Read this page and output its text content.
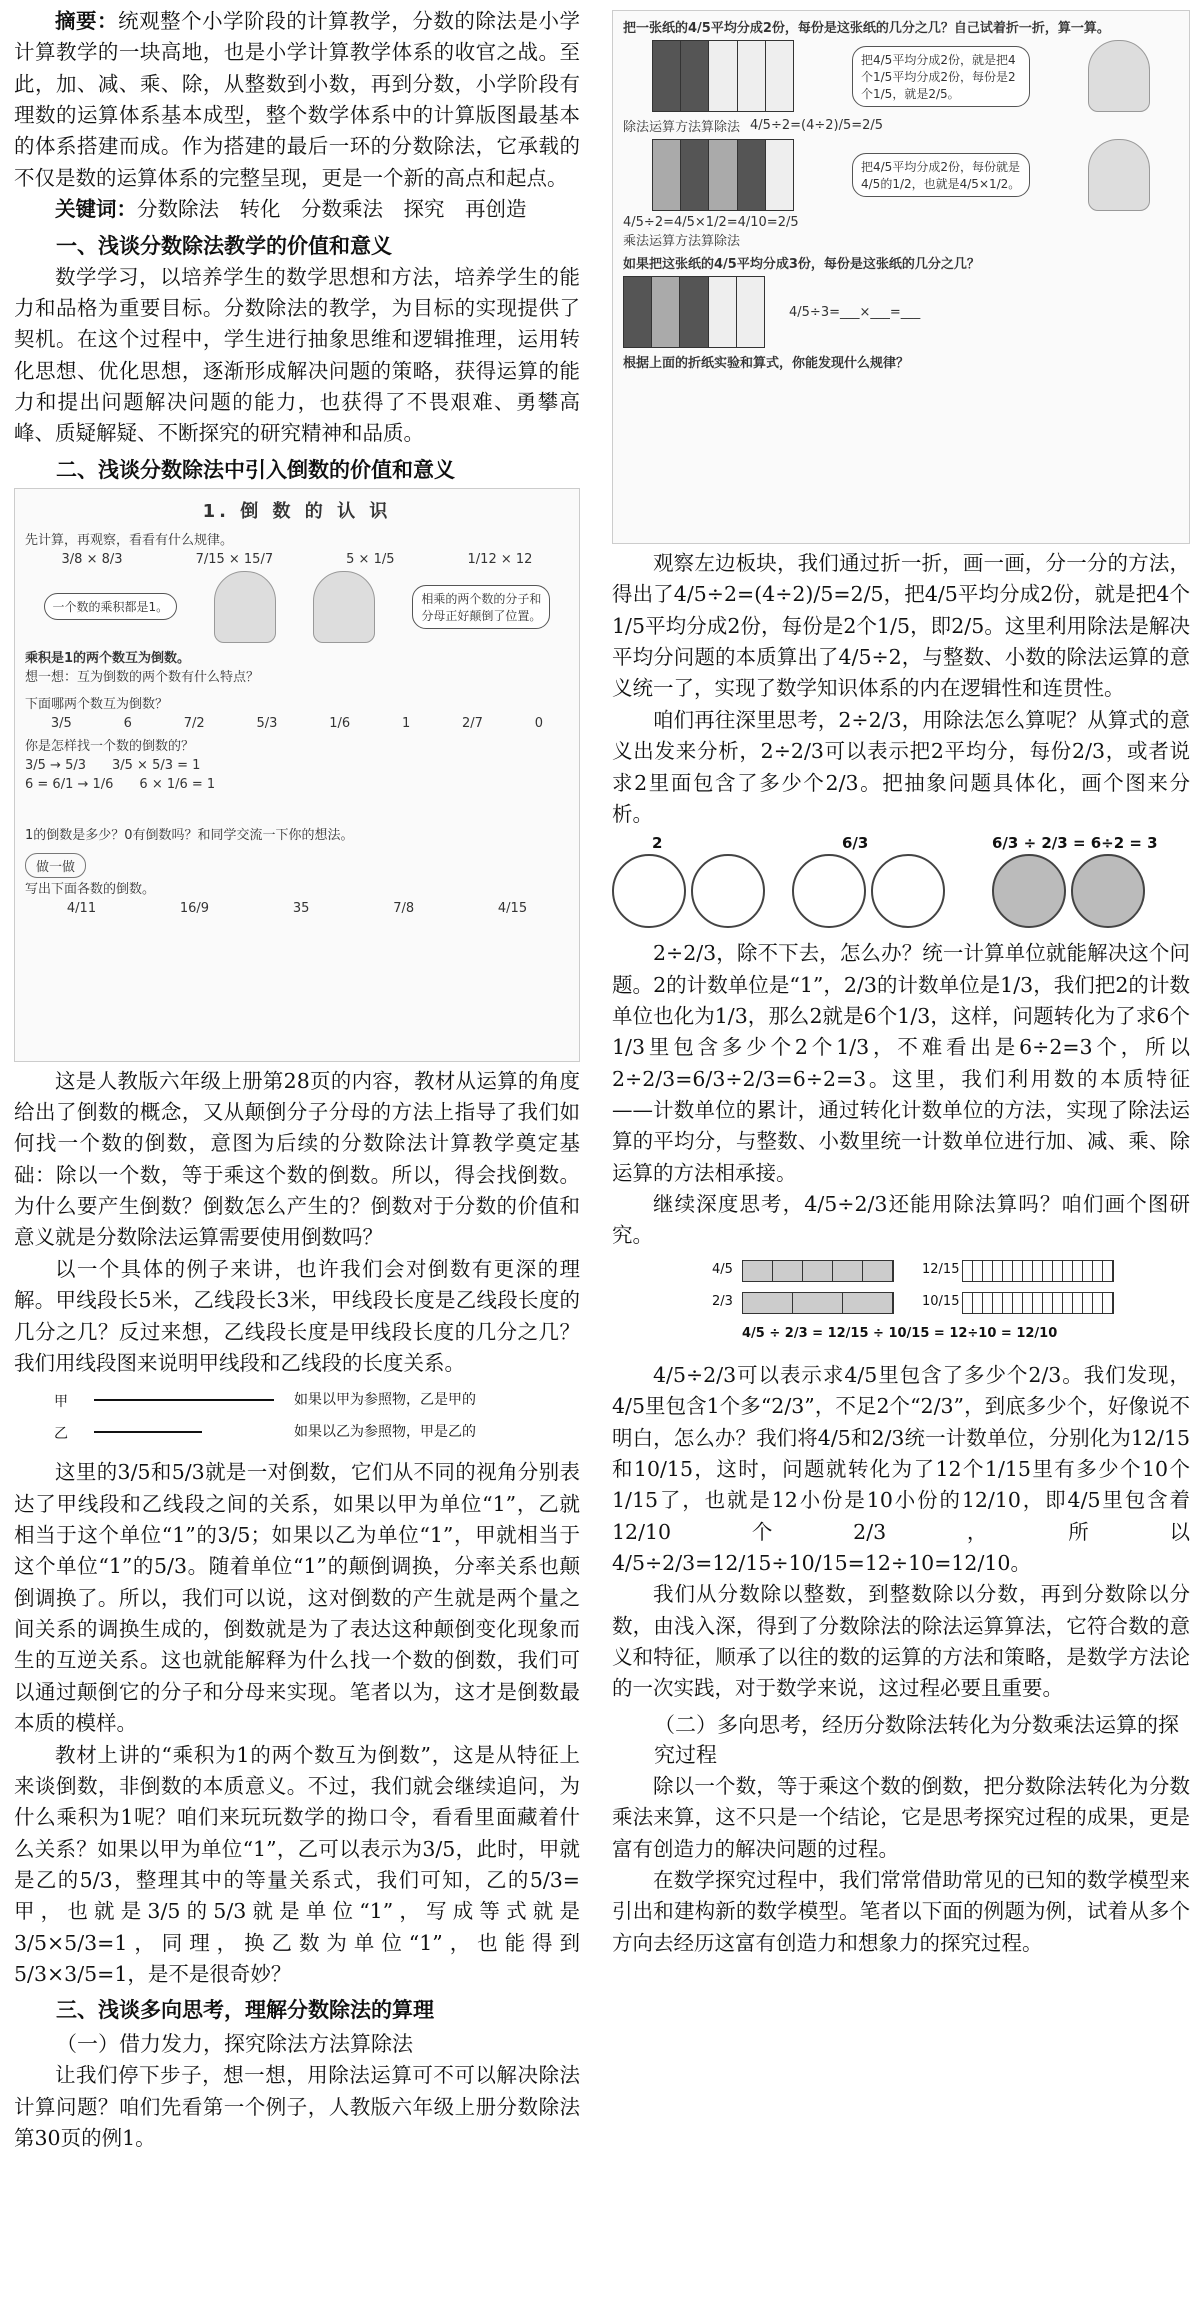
摘要：统观整个小学阶段的计算教学，分数的除法是小学计算教学的一块高地，也是小学计算教学体系的收官之战。至此，加、减、乘、除，从整数到小数，再到分数，小学阶段有理数的运算体系基本成型，整个数学体系中的计算版图最基本的体系搭建而成。作为搭建的最后一环的分数除法，它承载的不仅是数的运算体系的完整呈现，更是一个新的高点和起点。

关键词：分数除法　转化　分数乘法　探究　再创造

一、浅谈分数除法教学的价值和意义

数学学习，以培养学生的数学思想和方法，培养学生的能力和品格为重要目标。分数除法的教学，为目标的实现提供了契机。在这个过程中，学生进行抽象思维和逻辑推理，运用转化思想、优化思想，逐渐形成解决问题的策略，获得运算的能力和提出问题解决问题的能力，也获得了不畏艰难、勇攀高峰、质疑解疑、不断探究的研究精神和品质。

二、浅谈分数除法中引入倒数的价值和意义
1. 倒 数 的 认 识
先计算，再观察，看看有什么规律。
3/8 × 8/3	7/15 × 15/7	5 × 1/5	1/12 × 12
一个数的乘积都是1。
相乘的两个数的分子和分母正好颠倒了位置。
乘积是1的两个数互为倒数。
想一想：互为倒数的两个数有什么特点？
下面哪两个数互为倒数？
3/5	6	7/2	5/3	1/6	1	2/7	0
你是怎样找一个数的倒数的？
3/5 → 5/3　　3/5 × 5/3 = 1
6 = 6/1 → 1/6　　6 × 1/6 = 1
1的倒数是多少？0有倒数吗？和同学交流一下你的想法。
做一做
写出下面各数的倒数。
4/11	16/9	35	7/8	4/15

这是人教版六年级上册第28页的内容，教材从运算的角度给出了倒数的概念，又从颠倒分子分母的方法上指导了我们如何找一个数的倒数，意图为后续的分数除法计算教学奠定基础：除以一个数，等于乘这个数的倒数。所以，得会找倒数。为什么要产生倒数？倒数怎么产生的？倒数对于分数的价值和意义就是分数除法运算需要使用倒数吗？

以一个具体的例子来讲，也许我们会对倒数有更深的理解。甲线段长5米，乙线段长3米，甲线段长度是乙线段长度的几分之几？反过来想，乙线段长度是甲线段长度的几分之几？我们用线段图来说明甲线段和乙线段的长度关系。

甲	如果以甲为参照物，乙是甲的
乙	如果以乙为参照物，甲是乙的

这里的3/5和5/3就是一对倒数，它们从不同的视角分别表达了甲线段和乙线段之间的关系，如果以甲为单位“1”，乙就相当于这个单位“1”的3/5；如果以乙为单位“1”，甲就相当于这个单位“1”的5/3。随着单位“1”的颠倒调换，分率关系也颠倒调换了。所以，我们可以说，这对倒数的产生就是两个量之间关系的调换生成的，倒数就是为了表达这种颠倒变化现象而生的互逆关系。这也就能解释为什么找一个数的倒数，我们可以通过颠倒它的分子和分母来实现。笔者以为，这才是倒数最本质的模样。

教材上讲的“乘积为1的两个数互为倒数”，这是从特征上来谈倒数，非倒数的本质意义。不过，我们就会继续追问，为什么乘积为1呢？咱们来玩玩数学的拗口令，看看里面藏着什么关系？如果以甲为单位“1”，乙可以表示为3/5，此时，甲就是乙的5/3，整理其中的等量关系式，我们可知，乙的5/3=甲，也就是3/5的5/3就是单位“1”，写成等式就是3/5×5/3=1，同理，换乙数为单位“1”，也能得到5/3×3/5=1，是不是很奇妙？

三、浅谈多向思考，理解分数除法的算理
（一）借力发力，探究除法方法算除法

让我们停下步子，想一想，用除法运算可不可以解决除法计算问题？咱们先看第一个例子，人教版六年级上册分数除法第30页的例1。

把一张纸的4/5平均分成2份，每份是这张纸的几分之几？自己试着折一折，算一算。
把4/5平均分成2份，就是把4个1/5平均分成2份，每份是2个1/5，就是2/5。
除法运算方法算除法 4/5÷2=(4÷2)/5=2/5
把4/5平均分成2份，每份就是4/5的1/2，也就是4/5×1/2。
4/5÷2=4/5×1/2=4/10=2/5
乘法运算方法算除法
如果把这张纸的4/5平均分成3份，每份是这张纸的几分之几？
4/5÷3=___×___=___
根据上面的折纸实验和算式，你能发现什么规律？

观察左边板块，我们通过折一折，画一画，分一分的方法，得出了4/5÷2=(4÷2)/5=2/5，把4/5平均分成2份，就是把4个1/5平均分成2份，每份是2个1/5，即2/5。这里利用除法是解决平均分问题的本质算出了4/5÷2，与整数、小数的除法运算的意义统一了，实现了数学知识体系的内在逻辑性和连贯性。

咱们再往深里思考，2÷2/3，用除法怎么算呢？从算式的意义出发来分析，2÷2/3可以表示把2平均分，每份2/3，或者说求2里面包含了多少个2/3。把抽象问题具体化，画个图来分析。

2
	6/3
	6/3 ÷ 2/3 = 6÷2 = 3

2÷2/3，除不下去，怎么办？统一计算单位就能解决这个问题。2的计数单位是“1”，2/3的计数单位是1/3，我们把2的计数单位也化为1/3，那么2就是6个1/3，这样，问题转化为了求6个1/3里包含多少个2个1/3，不难看出是6÷2=3个，所以2÷2/3=6/3÷2/3=6÷2=3。这里，我们利用数的本质特征——计数单位的累计，通过转化计数单位的方法，实现了除法运算的平均分，与整数、小数里统一计数单位进行加、减、乘、除运算的方法相承接。

继续深度思考，4/5÷2/3还能用除法算吗？咱们画个图研究。

4/5
2/3
12/15
10/15
4/5 ÷ 2/3 = 12/15 ÷ 10/15 = 12÷10 = 12/10

4/5÷2/3可以表示求4/5里包含了多少个2/3。我们发现，4/5里包含1个多“2/3”，不足2个“2/3”，到底多少个，好像说不明白，怎么办？我们将4/5和2/3统一计数单位，分别化为12/15和10/15，这时，问题就转化为了12个1/15里有多少个10个1/15了，也就是12小份是10小份的12/10，即4/5里包含着12/10个2/3，所以4/5÷2/3=12/15÷10/15=12÷10=12/10。

我们从分数除以整数，到整数除以分数，再到分数除以分数，由浅入深，得到了分数除法的除法运算算法，它符合数的意义和特征，顺承了以往的数的运算的方法和策略，是数学方法论的一次实践，对于数学来说，这过程必要且重要。

（二）多向思考，经历分数除法转化为分数乘法运算的探究过程

除以一个数，等于乘这个数的倒数，把分数除法转化为分数乘法来算，这不只是一个结论，它是思考探究过程的成果，更是富有创造力的解决问题的过程。

在数学探究过程中，我们常常借助常见的已知的数学模型来引出和建构新的数学模型。笔者以下面的例题为例，试着从多个方向去经历这富有创造力和想象力的探究过程。
